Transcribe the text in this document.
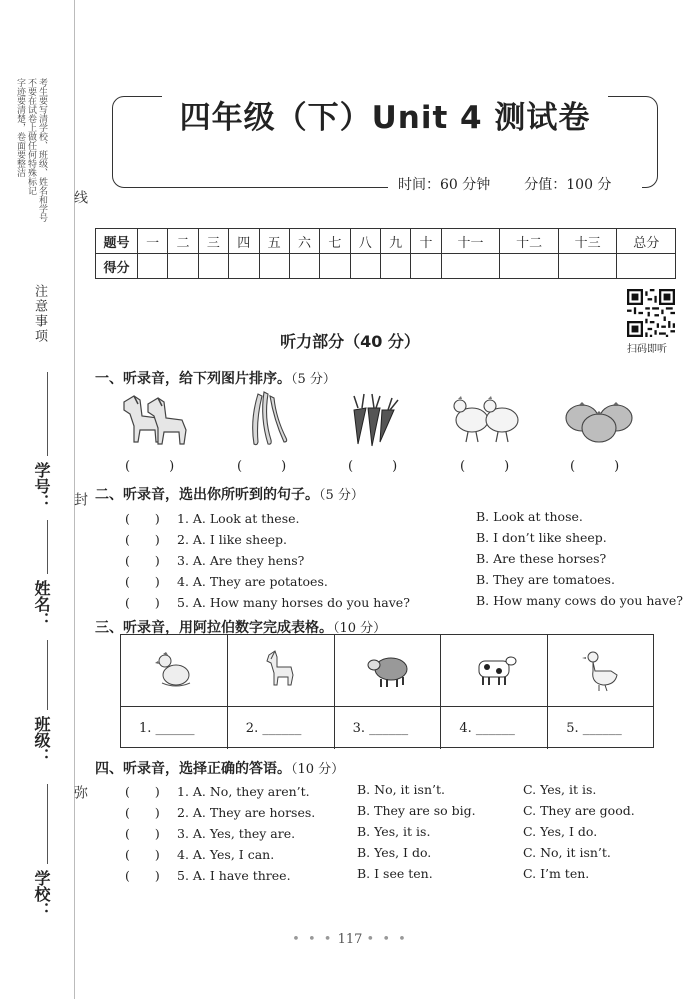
考生要写清学校、班级、姓名和学号
不要在试卷上做任何特殊标记
字迹要清楚，卷面要整洁
注意事项
线
封
弥
学号：
姓名：
班级：
学校：
四年级（下）Unit 4 测试卷
时间：60 分钟 分值：100 分
题号	一	二	三	四	五	六	七	八	九	十	十一	十二	十三	总分
得分														
扫码即听
听力部分（40 分）
一、听录音，给下列图片排序。（5 分）
(　　　)	(　　　)	(　　　)	(　　　)	(　　　)
二、听录音，选出你所听到的句子。（5 分）
(　　) 1. A. Look at these.	B. Look at those.
(　　) 2. A. I like sheep.	B. I don’t like sheep.
(　　) 3. A. Are they hens?	B. Are these horses?
(　　) 4. A. They are potatoes.	B. They are tomatoes.
(　　) 5. A. How many horses do you have?	B. How many cows do you have?
三、听录音，用阿拉伯数字完成表格。（10 分）
1. ______	2. ______	3. ______	4. ______	5. ______
四、听录音，选择正确的答语。（10 分）
(　　) 1. A. No, they aren’t.	B. No, it isn’t.	C. Yes, it is.
(　　) 2. A. They are horses.	B. They are so big.	C. They are good.
(　　) 3. A. Yes, they are.	B. Yes, it is.	C. Yes, I do.
(　　) 4. A. Yes, I can.	B. Yes, I do.	C. No, it isn’t.
(　　) 5. A. I have three.	B. I see ten.	C. I’m ten.
• • • 117 • • •
